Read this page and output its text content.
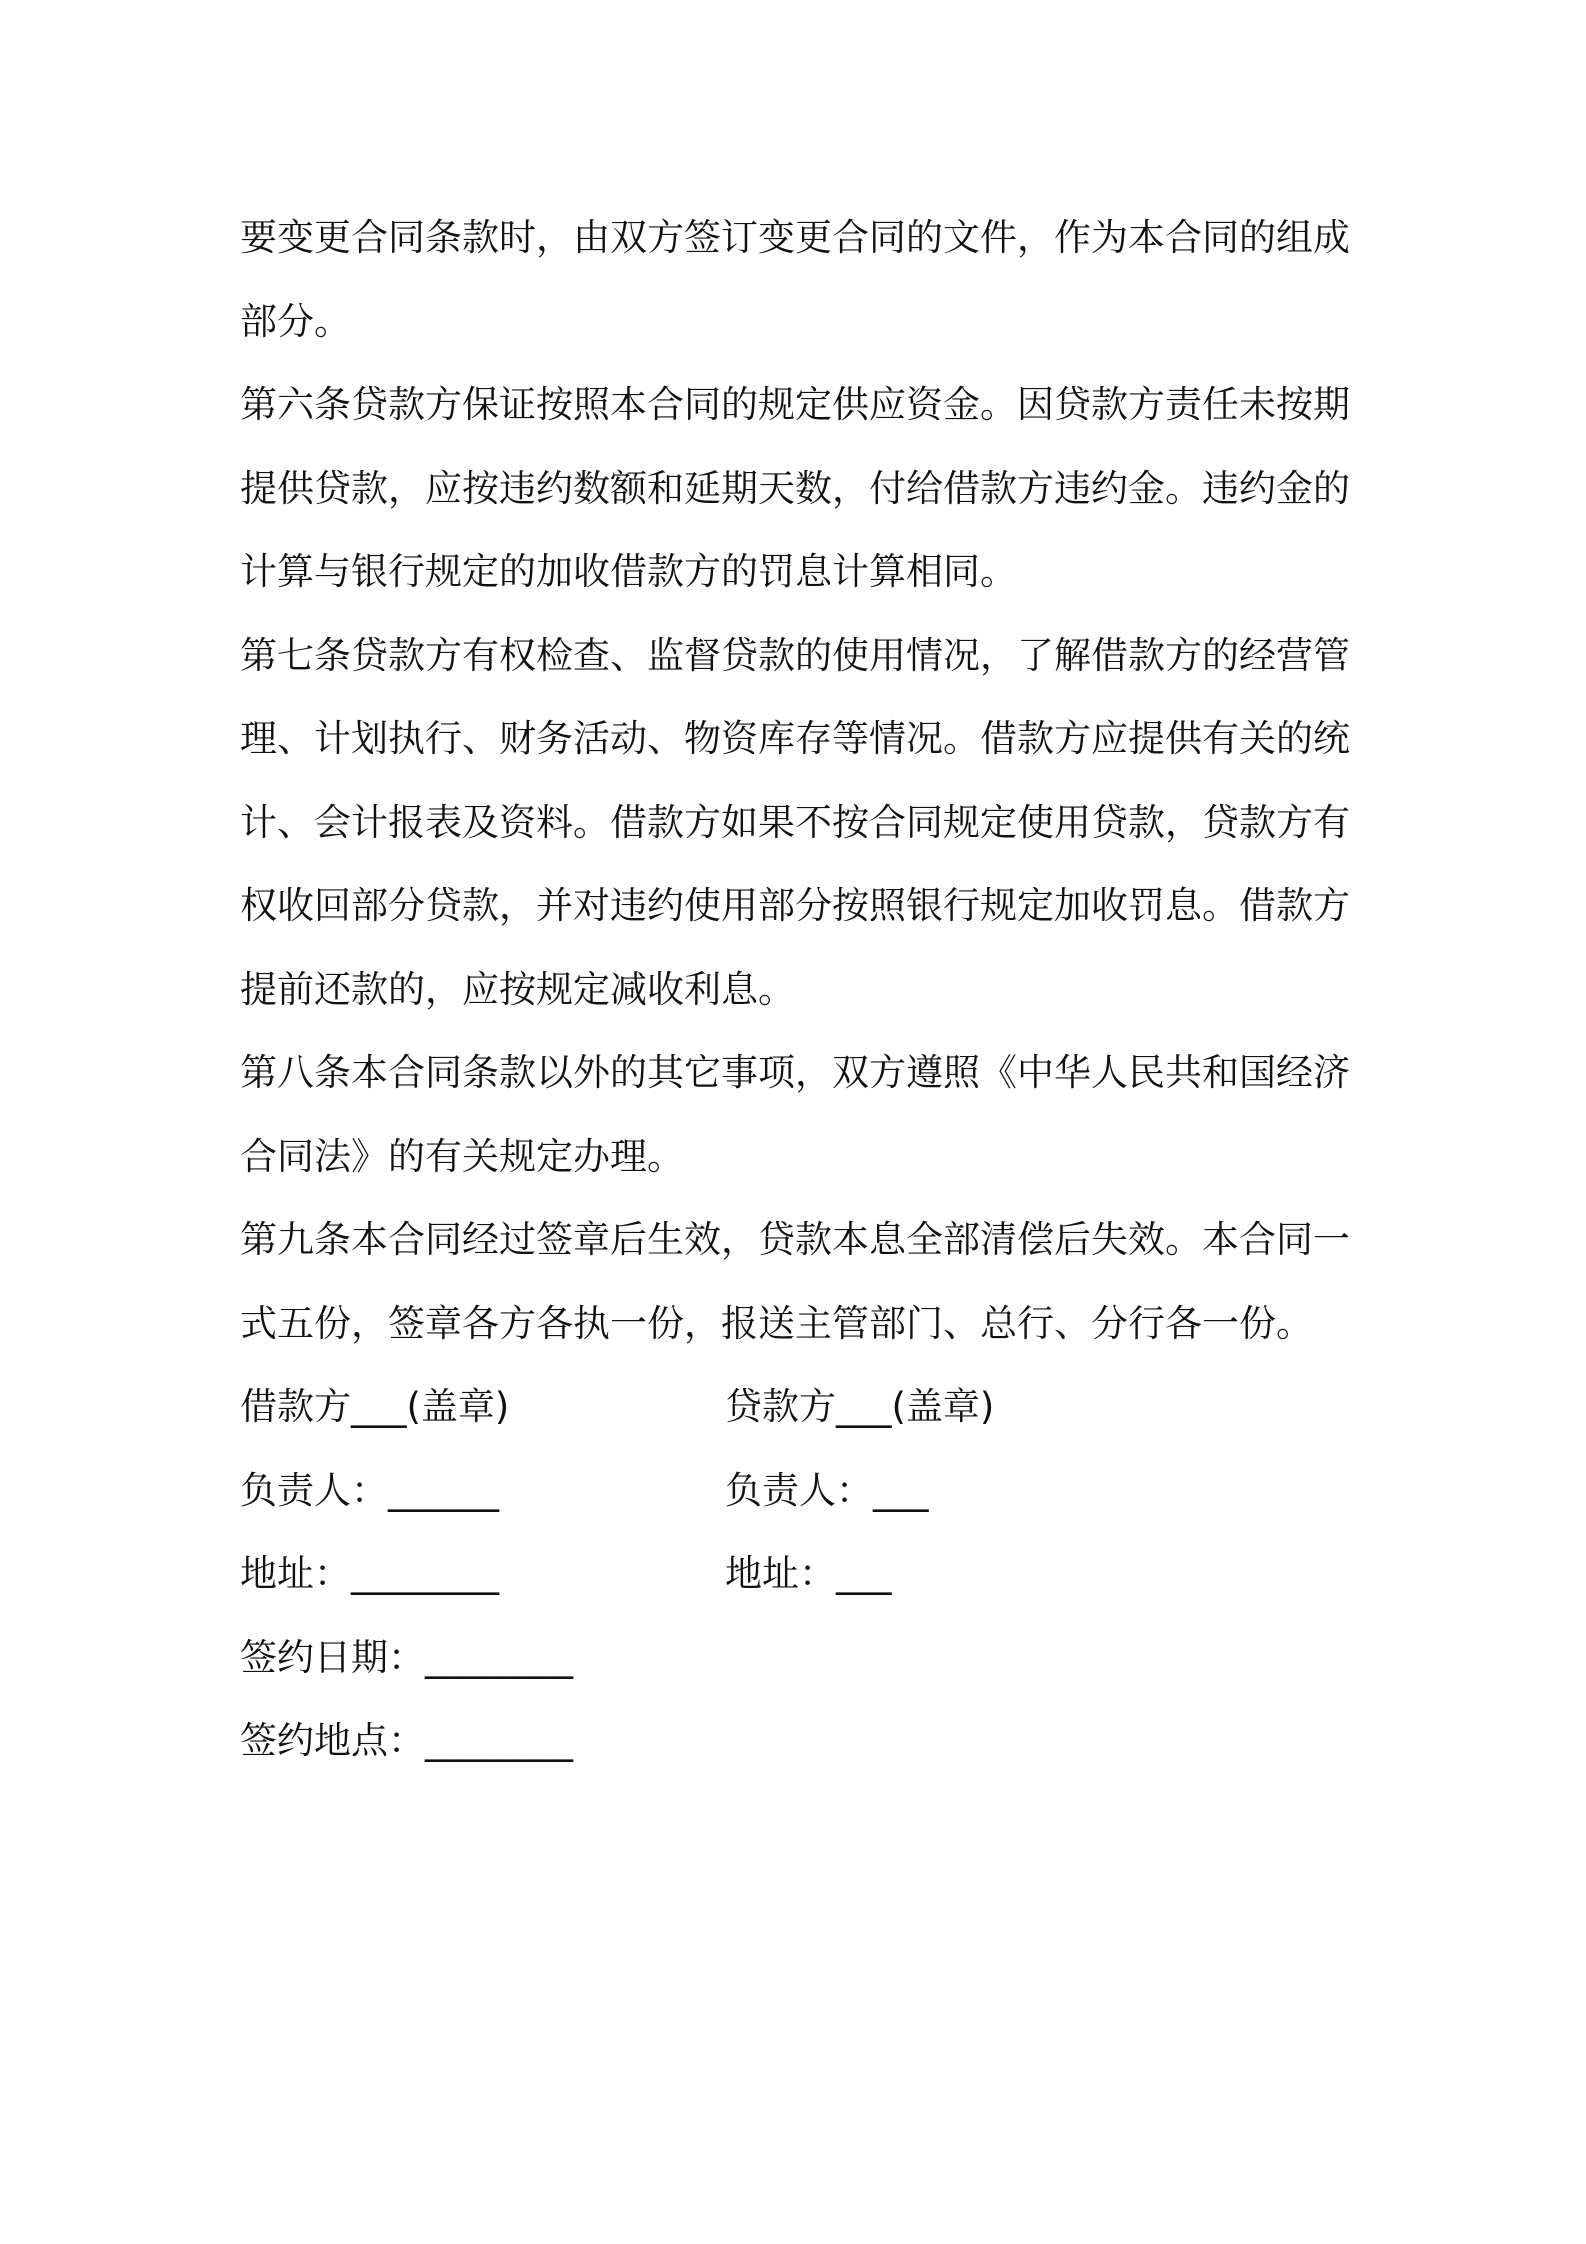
要变更合同条款时，由双方签订变更合同的文件，作为本合同的组成
部分。
第六条贷款方保证按照本合同的规定供应资金。因贷款方责任未按期
提供贷款，应按违约数额和延期天数，付给借款方违约金。违约金的
计算与银行规定的加收借款方的罚息计算相同。
第七条贷款方有权检查、监督贷款的使用情况，了解借款方的经营管
理、计划执行、财务活动、物资库存等情况。借款方应提供有关的统
计、会计报表及资料。借款方如果不按合同规定使用贷款，贷款方有
权收回部分贷款，并对违约使用部分按照银行规定加收罚息。借款方
提前还款的，应按规定减收利息。
第八条本合同条款以外的其它事项，双方遵照《中华人民共和国经济
合同法》的有关规定办理。
第九条本合同经过签章后生效，贷款本息全部清偿后失效。本合同一
式五份，签章各方各执一份，报送主管部门、总行、分行各一份。
借款方___(盖章)	贷款方___(盖章)
负责人：______	负责人：___
地址：________	地址：___
签约日期：________
签约地点：________
